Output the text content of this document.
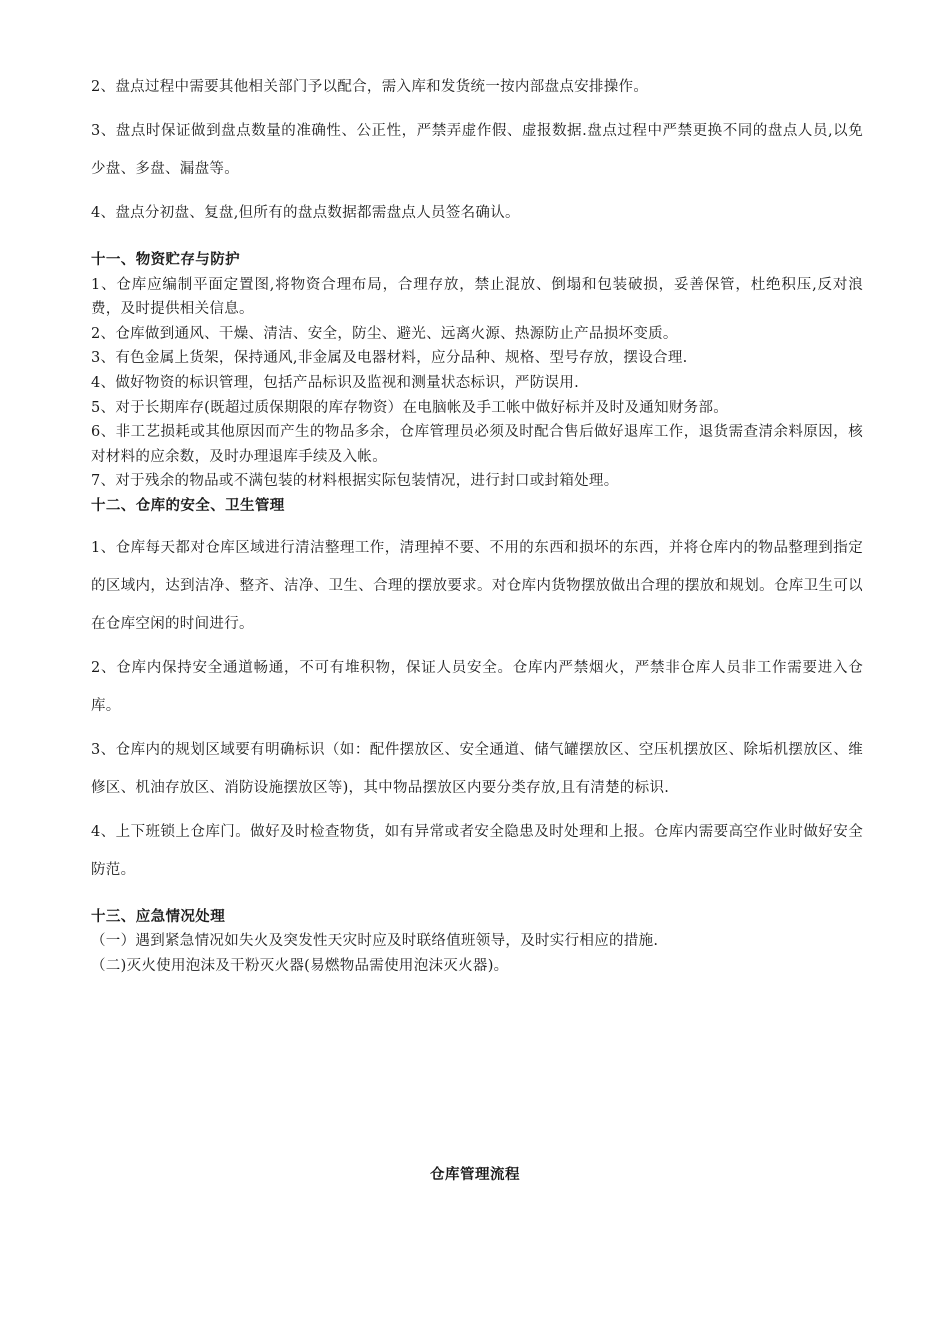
2、盘点过程中需要其他相关部门予以配合，需入库和发货统一按内部盘点安排操作。

3、盘点时保证做到盘点数量的准确性、公正性，严禁弄虚作假、虚报数据.盘点过程中严禁更换不同的盘点人员,以免少盘、多盘、漏盘等。

4、盘点分初盘、复盘,但所有的盘点数据都需盘点人员签名确认。

十一、物资贮存与防护

1、仓库应编制平面定置图,将物资合理布局，合理存放，禁止混放、倒塌和包装破损，妥善保管，杜绝积压,反对浪费，及时提供相关信息。

2、仓库做到通风、干燥、清洁、安全，防尘、避光、远离火源、热源防止产品损坏变质。

3、有色金属上货架，保持通风,非金属及电器材料，应分品种、规格、型号存放，摆设合理.

4、做好物资的标识管理，包括产品标识及监视和测量状态标识，严防误用.

5、对于长期库存(既超过质保期限的库存物资）在电脑帐及手工帐中做好标并及时及通知财务部。

6、非工艺损耗或其他原因而产生的物品多余，仓库管理员必须及时配合售后做好退库工作，退货需查清余料原因，核对材料的应余数，及时办理退库手续及入帐。

7、对于残余的物品或不满包装的材料根据实际包装情况，进行封口或封箱处理。

十二、仓库的安全、卫生管理

1、仓库每天都对仓库区域进行清洁整理工作，清理掉不要、不用的东西和损坏的东西，并将仓库内的物品整理到指定的区域内，达到洁净、整齐、洁净、卫生、合理的摆放要求。对仓库内货物摆放做出合理的摆放和规划。仓库卫生可以在仓库空闲的时间进行。

2、仓库内保持安全通道畅通，不可有堆积物，保证人员安全。仓库内严禁烟火，严禁非仓库人员非工作需要进入仓库。

3、仓库内的规划区域要有明确标识（如：配件摆放区、安全通道、储气罐摆放区、空压机摆放区、除垢机摆放区、维修区、机油存放区、消防设施摆放区等)，其中物品摆放区内要分类存放,且有清楚的标识.

4、上下班锁上仓库门。做好及时检查物货，如有异常或者安全隐患及时处理和上报。仓库内需要高空作业时做好安全防范。

十三、应急情况处理

（一）遇到紧急情况如失火及突发性天灾时应及时联络值班领导，及时实行相应的措施.

（二)灭火使用泡沫及干粉灭火器(易燃物品需使用泡沫灭火器)。

仓库管理流程
